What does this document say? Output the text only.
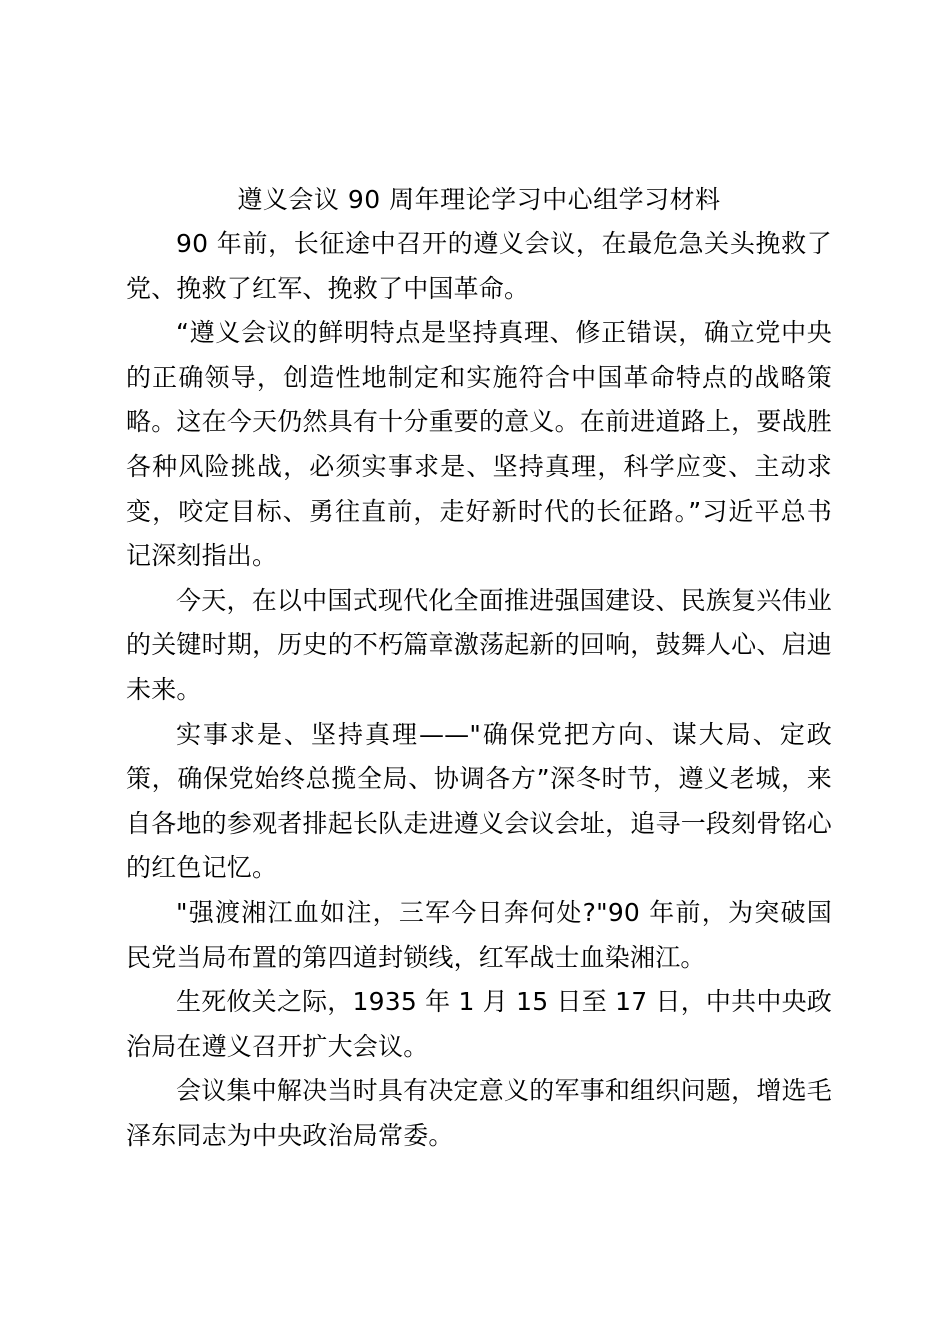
遵义会议 90 周年理论学习中心组学习材料

90 年前，长征途中召开的遵义会议，在最危急关头挽救了党、挽救了红军、挽救了中国革命。

“遵义会议的鲜明特点是坚持真理、修正错误，确立党中央的正确领导，创造性地制定和实施符合中国革命特点的战略策略。这在今天仍然具有十分重要的意义。在前进道路上，要战胜各种风险挑战，必须实事求是、坚持真理，科学应变、主动求变，咬定目标、勇往直前，走好新时代的长征路。”习近平总书记深刻指出。

今天，在以中国式现代化全面推进强国建设、民族复兴伟业的关键时期，历史的不朽篇章激荡起新的回响，鼓舞人心、启迪未来。

实事求是、坚持真理——"确保党把方向、谋大局、定政策，确保党始终总揽全局、协调各方”深冬时节，遵义老城，来自各地的参观者排起长队走进遵义会议会址，追寻一段刻骨铭心的红色记忆。

"强渡湘江血如注，三军今日奔何处?"90 年前，为突破国民党当局布置的第四道封锁线，红军战士血染湘江。

生死攸关之际，1935 年 1 月 15 日至 17 日，中共中央政治局在遵义召开扩大会议。

会议集中解决当时具有决定意义的军事和组织问题，增选毛泽东同志为中央政治局常委。
